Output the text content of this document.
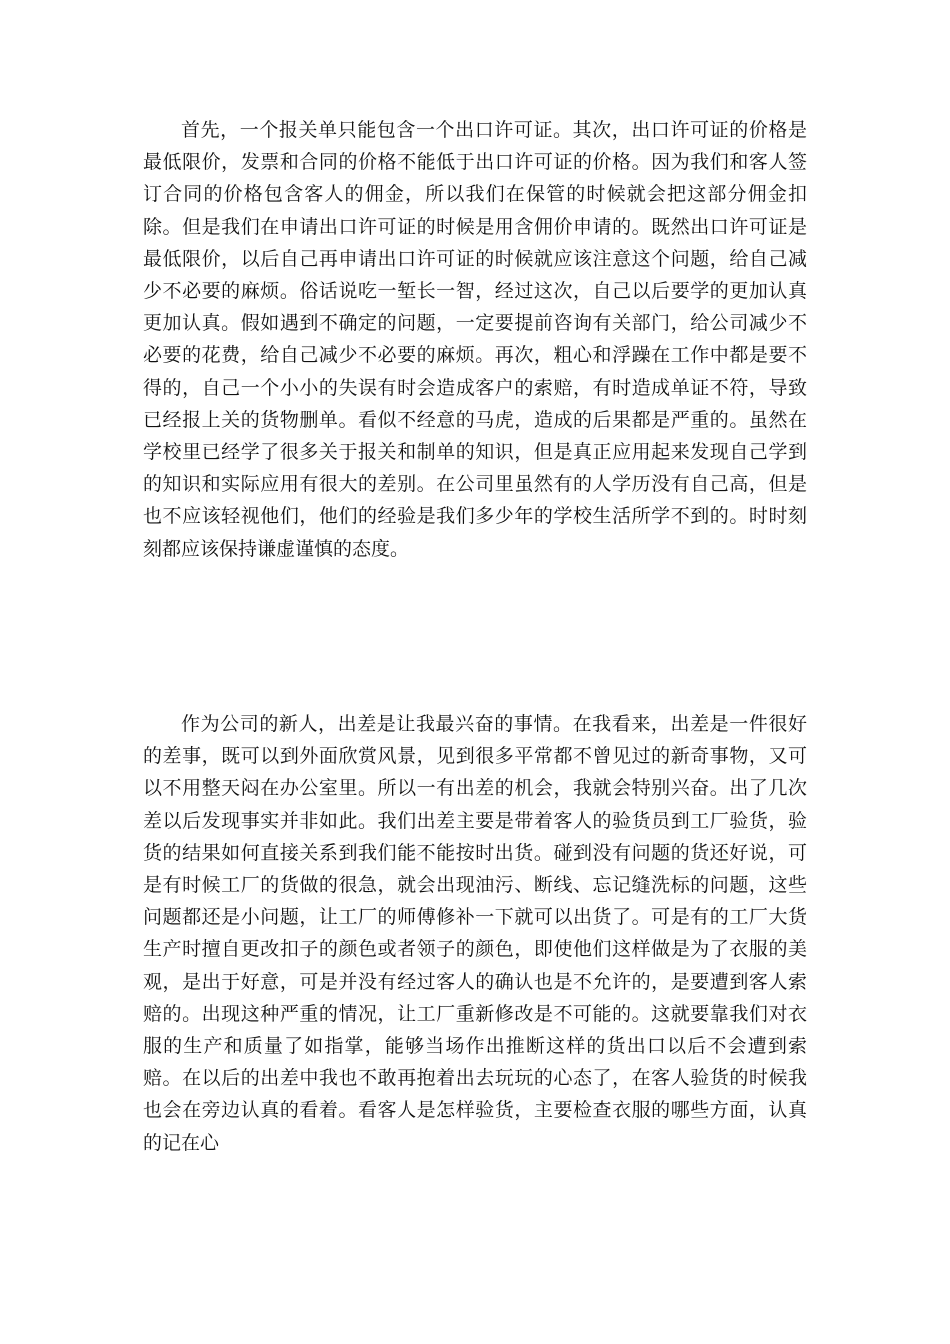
首先，一个报关单只能包含一个出口许可证。其次，出口许可证的价格是最低限价，发票和合同的价格不能低于出口许可证的价格。因为我们和客人签订合同的价格包含客人的佣金，所以我们在保管的时候就会把这部分佣金扣除。但是我们在申请出口许可证的时候是用含佣价申请的。既然出口许可证是最低限价，以后自己再申请出口许可证的时候就应该注意这个问题，给自己减少不必要的麻烦。俗话说吃一堑长一智，经过这次，自己以后要学的更加认真更加认真。假如遇到不确定的问题，一定要提前咨询有关部门，给公司减少不必要的花费，给自己减少不必要的麻烦。再次，粗心和浮躁在工作中都是要不得的，自己一个小小的失误有时会造成客户的索赔，有时造成单证不符，导致已经报上关的货物删单。看似不经意的马虎，造成的后果都是严重的。虽然在学校里已经学了很多关于报关和制单的知识，但是真正应用起来发现自己学到的知识和实际应用有很大的差别。在公司里虽然有的人学历没有自己高，但是也不应该轻视他们，他们的经验是我们多少年的学校生活所学不到的。时时刻刻都应该保持谦虚谨慎的态度。

作为公司的新人，出差是让我最兴奋的事情。在我看来，出差是一件很好的差事，既可以到外面欣赏风景，见到很多平常都不曾见过的新奇事物，又可以不用整天闷在办公室里。所以一有出差的机会，我就会特别兴奋。出了几次差以后发现事实并非如此。我们出差主要是带着客人的验货员到工厂验货，验货的结果如何直接关系到我们能不能按时出货。碰到没有问题的货还好说，可是有时候工厂的货做的很急，就会出现油污、断线、忘记缝洗标的问题，这些问题都还是小问题，让工厂的师傅修补一下就可以出货了。可是有的工厂大货生产时擅自更改扣子的颜色或者领子的颜色，即使他们这样做是为了衣服的美观，是出于好意，可是并没有经过客人的确认也是不允许的，是要遭到客人索赔的。出现这种严重的情况，让工厂重新修改是不可能的。这就要靠我们对衣服的生产和质量了如指掌，能够当场作出推断这样的货出口以后不会遭到索赔。在以后的出差中我也不敢再抱着出去玩玩的心态了，在客人验货的时候我也会在旁边认真的看着。看客人是怎样验货，主要检查衣服的哪些方面，认真的记在心
